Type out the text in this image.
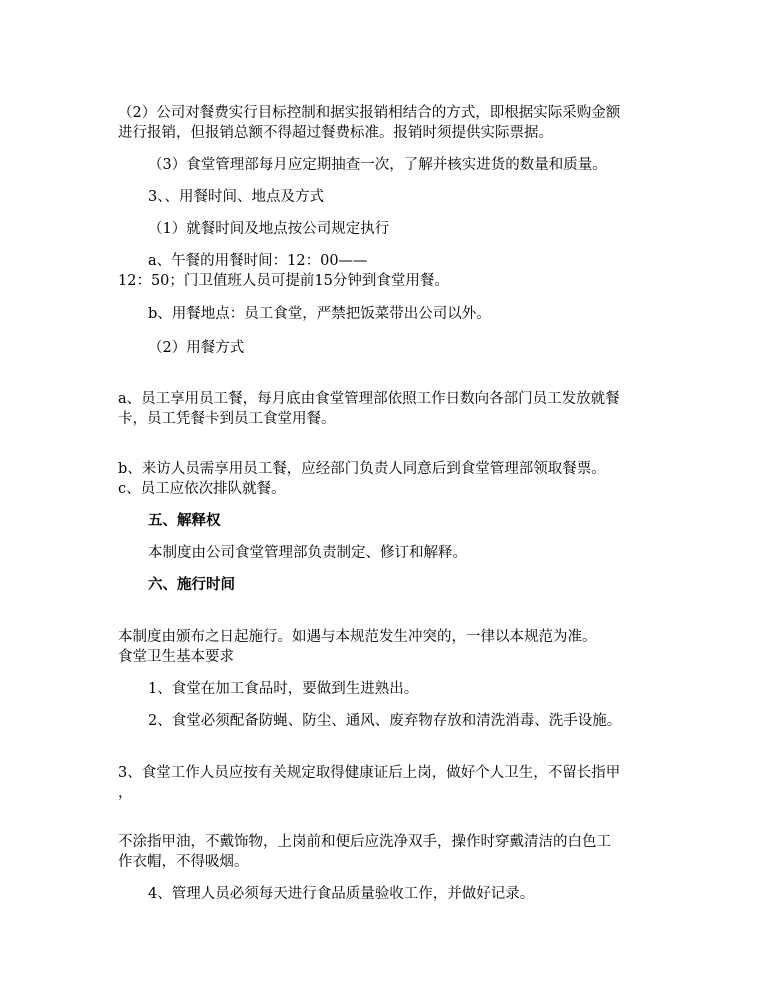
（2）公司对餐费实行目标控制和据实报销相结合的方式，即根据实际采购金额
进行报销，但报销总额不得超过餐费标准。报销时须提供实际票据。
（3）食堂管理部每月应定期抽查一次，了解并核实进货的数量和质量。
3、、用餐时间、地点及方式
（1）就餐时间及地点按公司规定执行
a、午餐的用餐时间：12：00——
12：50；门卫值班人员可提前15分钟到食堂用餐。
b、用餐地点：员工食堂，严禁把饭菜带出公司以外。
（2）用餐方式
a、员工享用员工餐，每月底由食堂管理部依照工作日数向各部门员工发放就餐
卡，员工凭餐卡到员工食堂用餐。
b、来访人员需享用员工餐，应经部门负责人同意后到食堂管理部领取餐票。
c、员工应依次排队就餐。
五、解释权
本制度由公司食堂管理部负责制定、修订和解释。
六、施行时间
本制度由颁布之日起施行。如遇与本规范发生冲突的，一律以本规范为准。
食堂卫生基本要求
1、食堂在加工食品时，要做到生进熟出。
2、食堂必须配备防蝇、防尘、通风、废弃物存放和清洗消毒、洗手设施。
3、食堂工作人员应按有关规定取得健康证后上岗，做好个人卫生，不留长指甲
，
不涂指甲油，不戴饰物，上岗前和便后应洗净双手，操作时穿戴清洁的白色工
作衣帽，不得吸烟。
4、管理人员必须每天进行食品质量验收工作，并做好记录。
